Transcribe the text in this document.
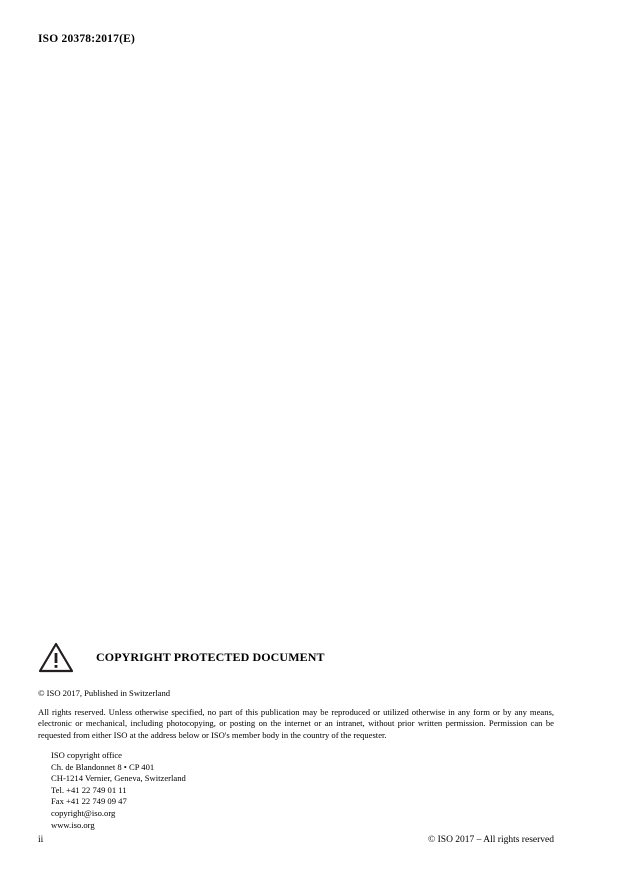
ISO 20378:2017(E)
COPYRIGHT PROTECTED DOCUMENT
© ISO 2017, Published in Switzerland
All rights reserved. Unless otherwise specified, no part of this publication may be reproduced or utilized otherwise in any form or by any means, electronic or mechanical, including photocopying, or posting on the internet or an intranet, without prior written permission. Permission can be requested from either ISO at the address below or ISO's member body in the country of the requester.
ISO copyright office
Ch. de Blandonnet 8 • CP 401
CH-1214 Vernier, Geneva, Switzerland
Tel. +41 22 749 01 11
Fax +41 22 749 09 47
copyright@iso.org
www.iso.org
ii	© ISO 2017 – All rights reserved
